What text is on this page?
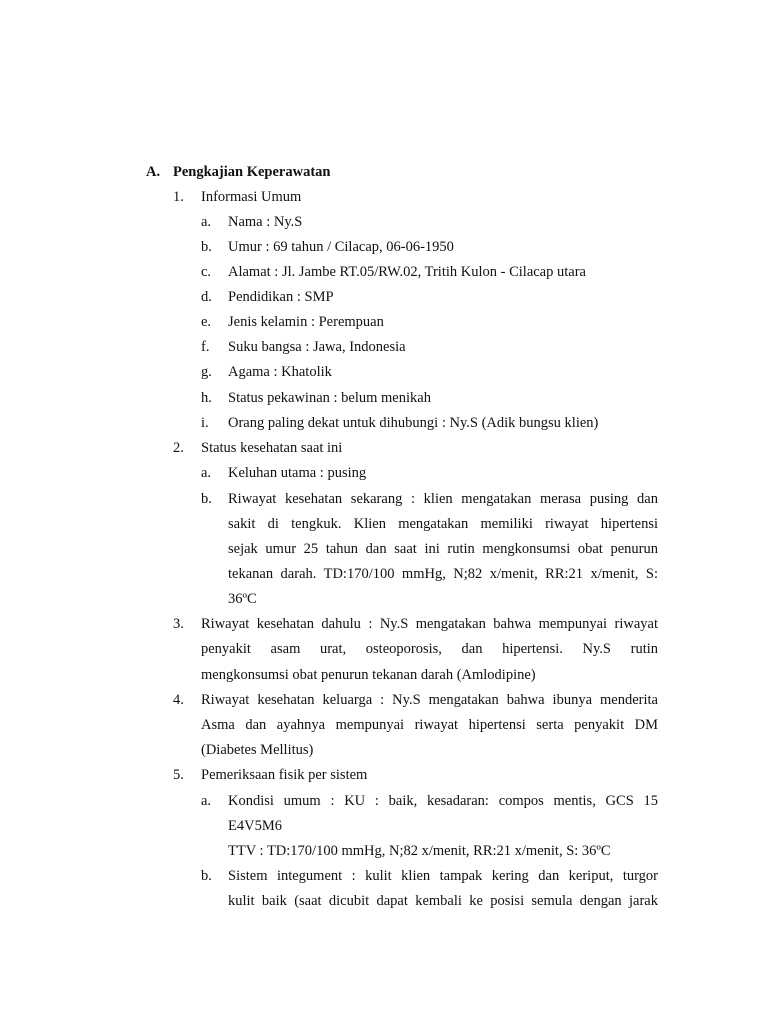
A. Pengkajian Keperawatan
1. Informasi Umum
a. Nama : Ny.S
b. Umur : 69 tahun / Cilacap, 06-06-1950
c. Alamat : Jl. Jambe RT.05/RW.02, Tritih Kulon - Cilacap utara
d. Pendidikan : SMP
e. Jenis kelamin : Perempuan
f. Suku bangsa : Jawa, Indonesia
g. Agama : Khatolik
h. Status pekawinan : belum menikah
i. Orang paling dekat untuk dihubungi : Ny.S (Adik bungsu klien)
2. Status kesehatan saat ini
a. Keluhan utama : pusing
b. Riwayat kesehatan sekarang : klien mengatakan merasa pusing dan
sakit di tengkuk. Klien mengatakan memiliki riwayat hipertensi
sejak umur 25 tahun dan saat ini rutin mengkonsumsi obat penurun
tekanan darah. TD:170/100 mmHg, N;82 x/menit, RR:21 x/menit, S:
36ºC
3. Riwayat kesehatan dahulu : Ny.S mengatakan bahwa mempunyai riwayat
penyakit asam urat, osteoporosis, dan hipertensi. Ny.S rutin
mengkonsumsi obat penurun tekanan darah (Amlodipine)
4. Riwayat kesehatan keluarga : Ny.S mengatakan bahwa ibunya menderita
Asma dan ayahnya mempunyai riwayat hipertensi serta penyakit DM
(Diabetes Mellitus)
5. Pemeriksaan fisik per sistem
a. Kondisi umum : KU : baik, kesadaran: compos mentis, GCS 15
E4V5M6
TTV : TD:170/100 mmHg, N;82 x/menit, RR:21 x/menit, S: 36ºC
b. Sistem integument : kulit klien tampak kering dan keriput, turgor
kulit baik (saat dicubit dapat kembali ke posisi semula dengan jarak
